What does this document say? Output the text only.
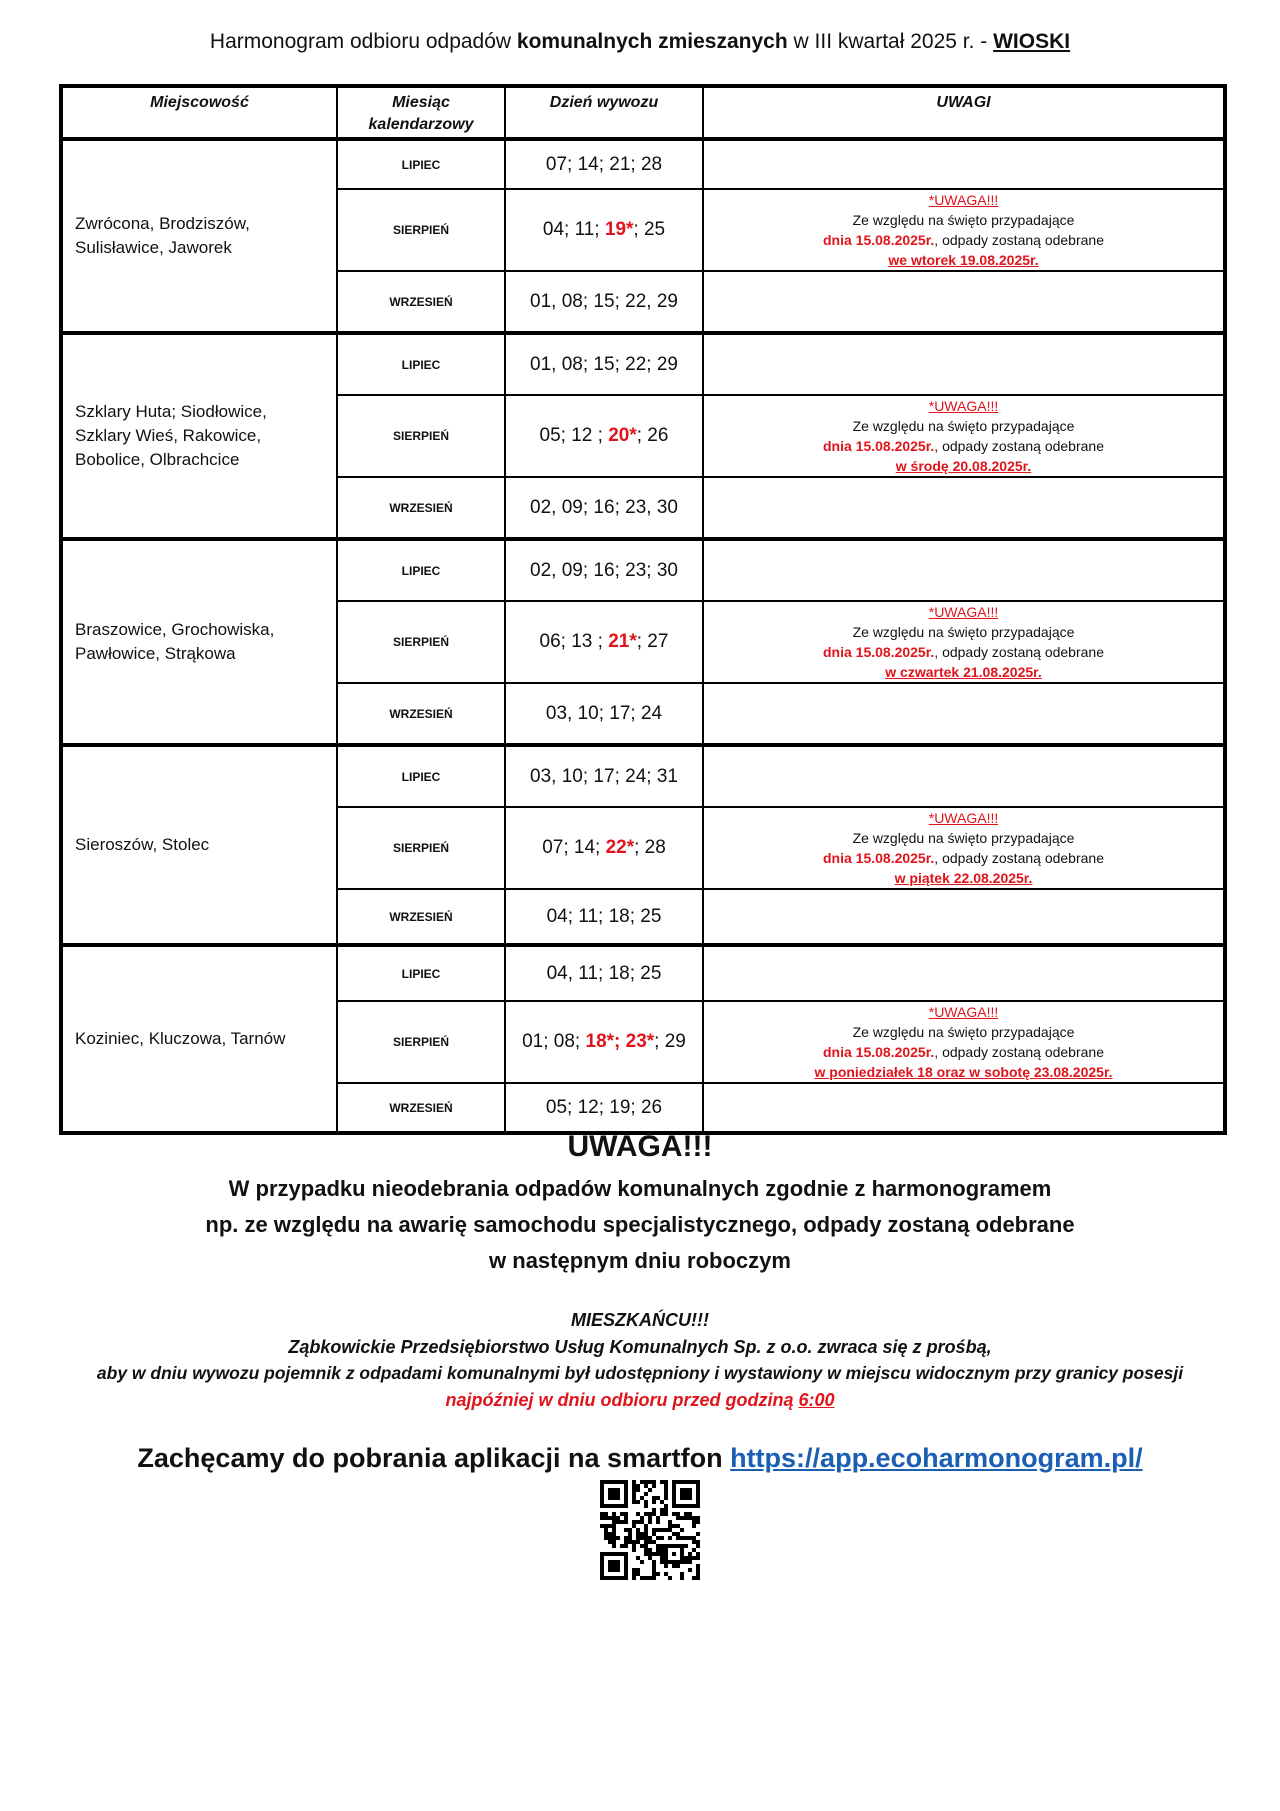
Harmonogram odbioru odpadów komunalnych zmieszanych w III kwartał 2025 r. - WIOSKI
Miejscowość	Miesiąc kalendarzowy	Dzień wywozu	UWAGI

Zwrócona, Brodziszów,
Sulisławice, Jaworek	LIPIEC	07; 14; 21; 28	
	SIERPIEŃ	04; 11; 19*; 25	*UWAGA!!!
Ze względu na święto przypadające
dnia 15.08.2025r., odpady zostaną odebrane
we wtorek 19.08.2025r.

	WRZESIEŃ	01, 08; 15; 22, 29	

Szklary Huta; Siodłowice,
Szklary Wieś, Rakowice,
Bobolice, Olbrachcice	LIPIEC	01, 08; 15; 22; 29	
	SIERPIEŃ	05; 12 ; 20*; 26	*UWAGA!!!
Ze względu na święto przypadające
dnia 15.08.2025r., odpady zostaną odebrane
w środę 20.08.2025r.

	WRZESIEŃ	02, 09; 16; 23, 30	

Braszowice, Grochowiska,
Pawłowice, Strąkowa	LIPIEC	02, 09; 16; 23; 30	
	SIERPIEŃ	06; 13 ; 21*; 27	*UWAGA!!!
Ze względu na święto przypadające
dnia 15.08.2025r., odpady zostaną odebrane
w czwartek 21.08.2025r.

	WRZESIEŃ	03, 10; 17; 24	

Sieroszów, Stolec	LIPIEC	03, 10; 17; 24; 31	
	SIERPIEŃ	07; 14; 22*; 28	*UWAGA!!!
Ze względu na święto przypadające
dnia 15.08.2025r., odpady zostaną odebrane
w piątek 22.08.2025r.

	WRZESIEŃ	04; 11; 18; 25	

Koziniec, Kluczowa, Tarnów	LIPIEC	04, 11; 18; 25	
	SIERPIEŃ	01; 08; 18*; 23*; 29	*UWAGA!!!
Ze względu na święto przypadające
dnia 15.08.2025r., odpady zostaną odebrane
w poniedziałek 18 oraz w sobotę 23.08.2025r.

	WRZESIEŃ	05; 12; 19; 26	
UWAGA!!!
W przypadku nieodebrania odpadów komunalnych zgodnie z harmonogramem
np. ze względu na awarię samochodu specjalistycznego, odpady zostaną odebrane
w następnym dniu roboczym
MIESZKAŃCU!!!
Ząbkowickie Przedsiębiorstwo Usług Komunalnych Sp. z o.o. zwraca się z prośbą,
aby w dniu wywozu pojemnik z odpadami komunalnymi był udostępniony i wystawiony w miejscu widocznym przy granicy posesji
najpóźniej w dniu odbioru przed godziną 6:00
Zachęcamy do pobrania aplikacji na smartfon https://app.ecoharmonogram.pl/
